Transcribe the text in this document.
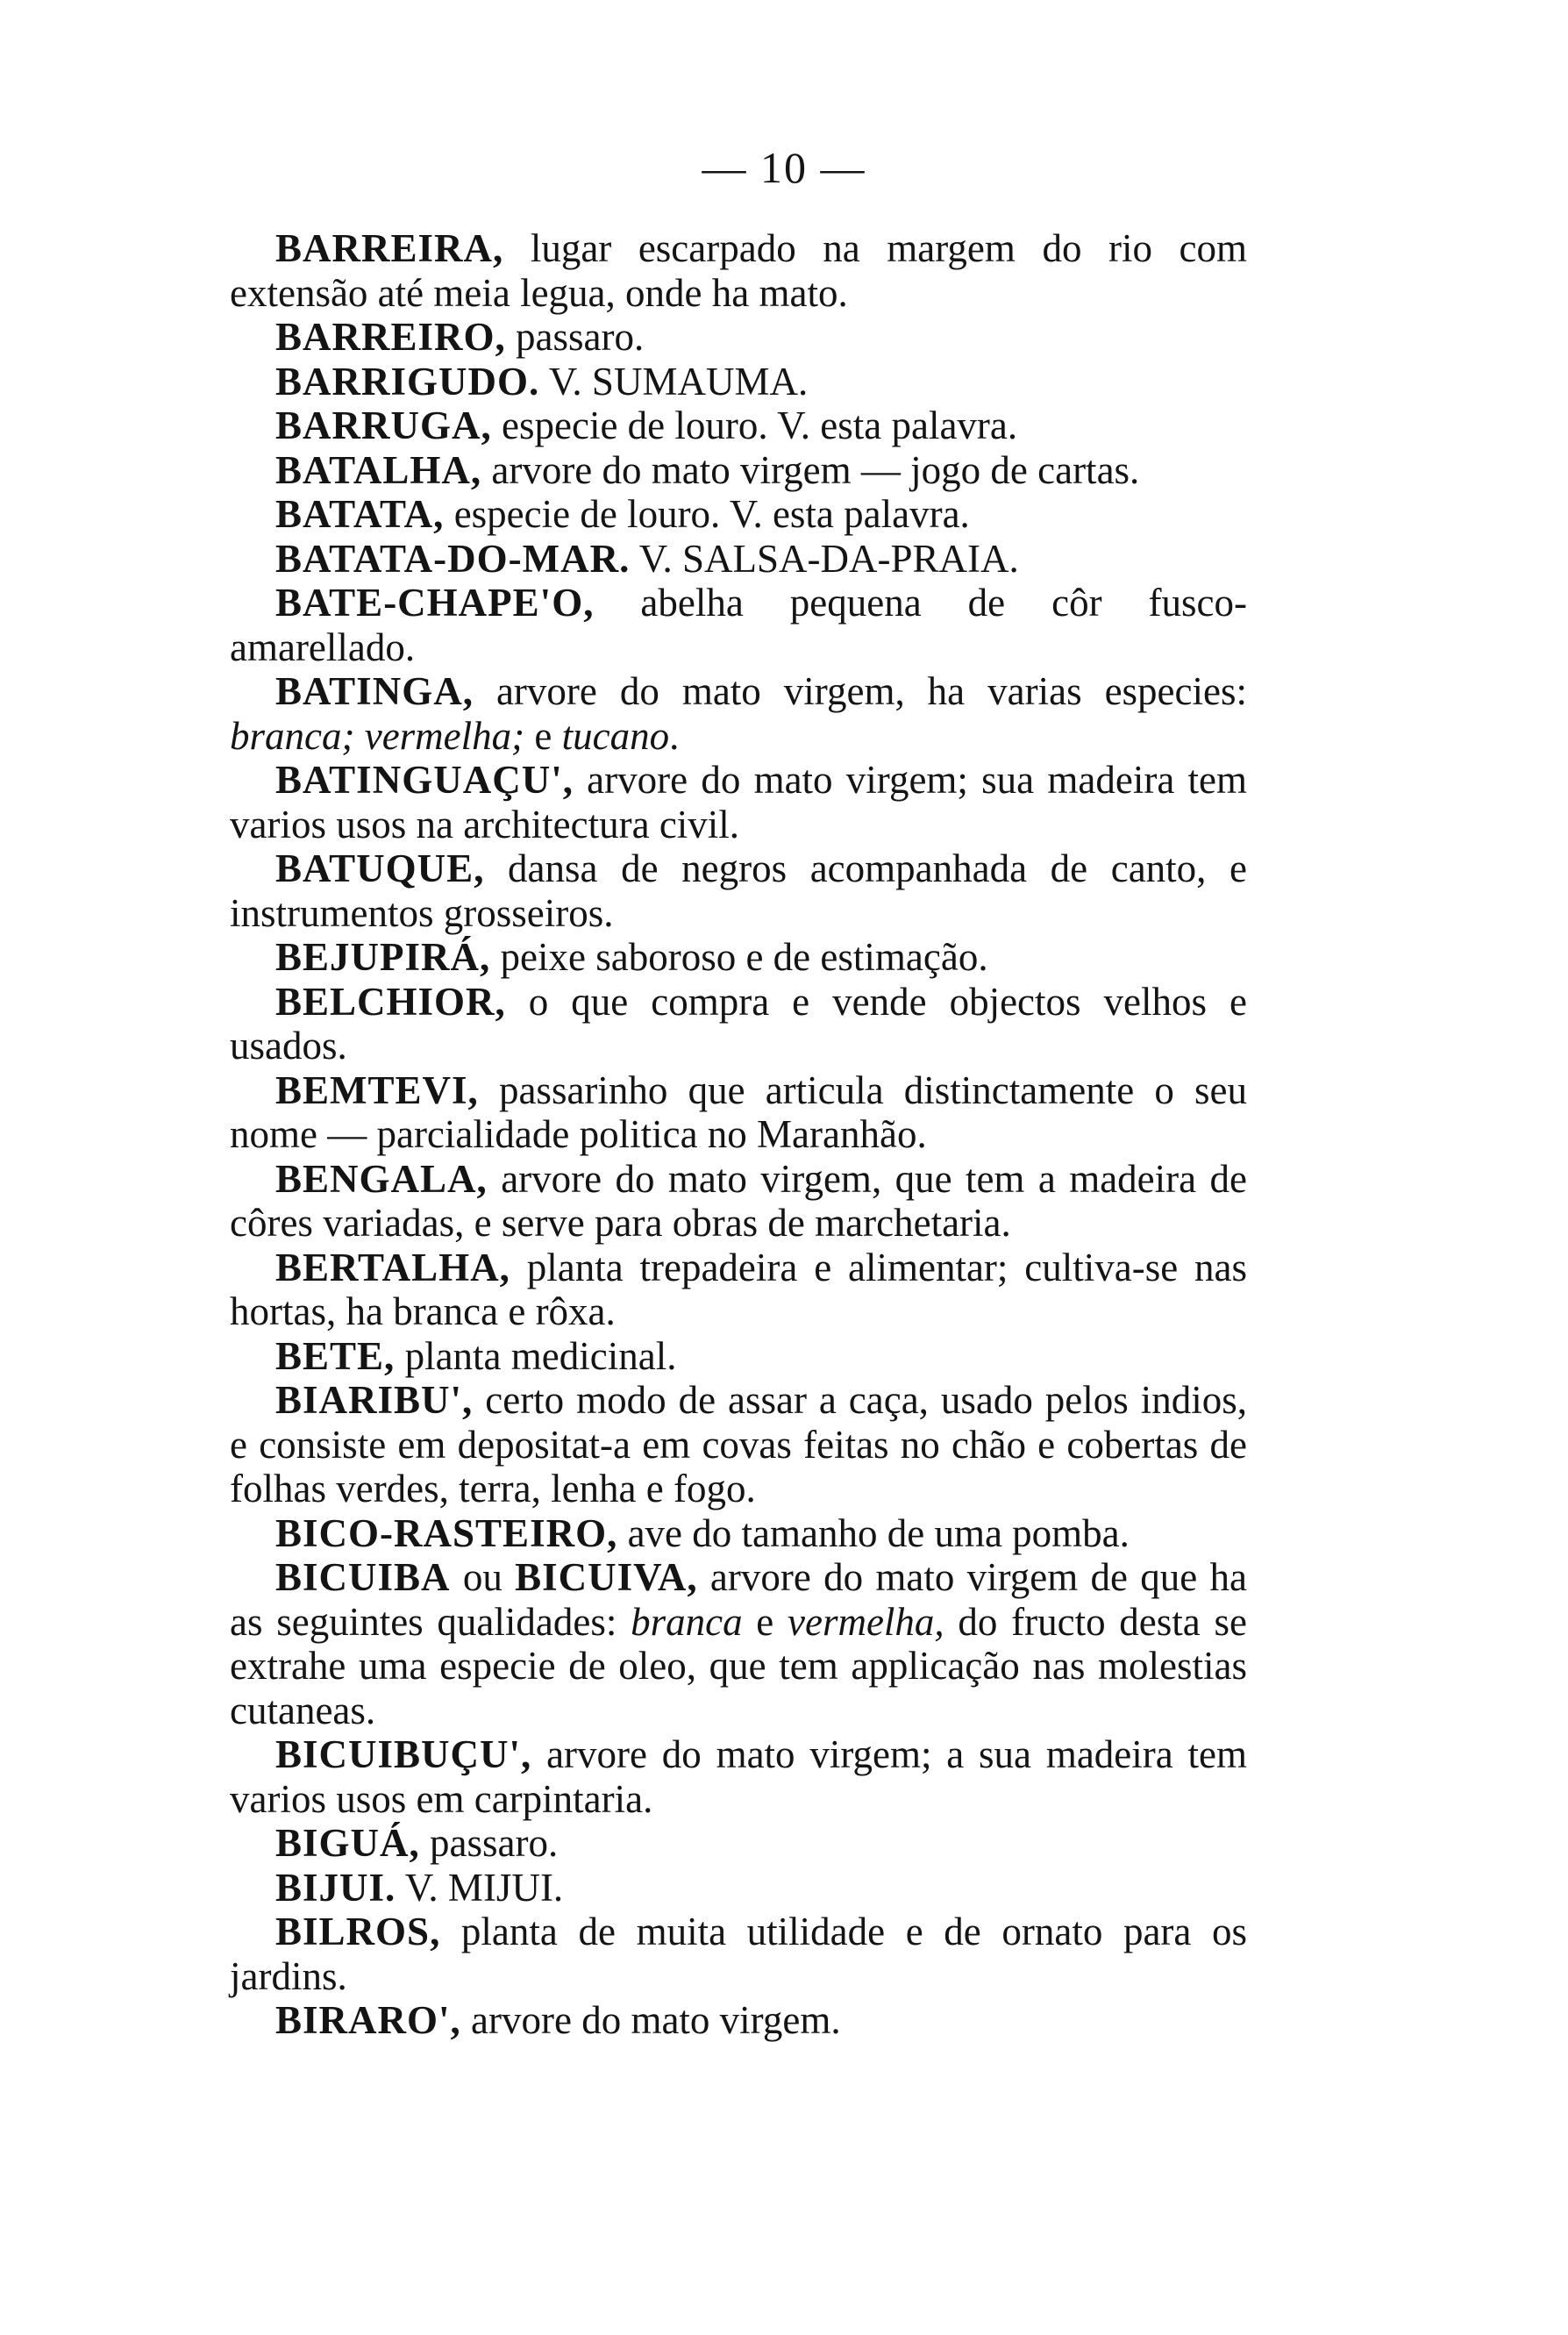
— 10 —

BARREIRA, lugar escarpado na margem do rio com extensão até meia legua, onde ha mato.

BARREIRO, passaro.

BARRIGUDO. V. SUMAUMA.

BARRUGA, especie de louro. V. esta palavra.

BATALHA, arvore do mato virgem — jogo de cartas.

BATATA, especie de louro. V. esta palavra.

BATATA-DO-MAR. V. SALSA-DA-PRAIA.

BATE-CHAPE'O, abelha pequena de côr fusco-amarellado.

BATINGA, arvore do mato virgem, ha varias especies: branca; vermelha; e tucano.

BATINGUAÇU', arvore do mato virgem; sua madeira tem varios usos na architectura civil.

BATUQUE, dansa de negros acompanhada de canto, e instrumentos grosseiros.

BEJUPIRÁ, peixe saboroso e de estimação.

BELCHIOR, o que compra e vende objectos velhos e usados.

BEMTEVI, passarinho que articula distinctamente o seu nome — parcialidade politica no Maranhão.

BENGALA, arvore do mato virgem, que tem a madeira de côres variadas, e serve para obras de marchetaria.

BERTALHA, planta trepadeira e alimentar; cultiva-se nas hortas, ha branca e rôxa.

BETE, planta medicinal.

BIARIBU', certo modo de assar a caça, usado pelos indios, e consiste em depositat-a em covas feitas no chão e cobertas de folhas verdes, terra, lenha e fogo.

BICO-RASTEIRO, ave do tamanho de uma pomba.

BICUIBA ou BICUIVA, arvore do mato virgem de que ha as seguintes qualidades: branca e vermelha, do fructo desta se extrahe uma especie de oleo, que tem applicação nas molestias cutaneas.

BICUIBUÇU', arvore do mato virgem; a sua madeira tem varios usos em carpintaria.

BIGUÁ, passaro.

BIJUI. V. MIJUI.

BILROS, planta de muita utilidade e de ornato para os jardins.

BIRARO', arvore do mato virgem.
